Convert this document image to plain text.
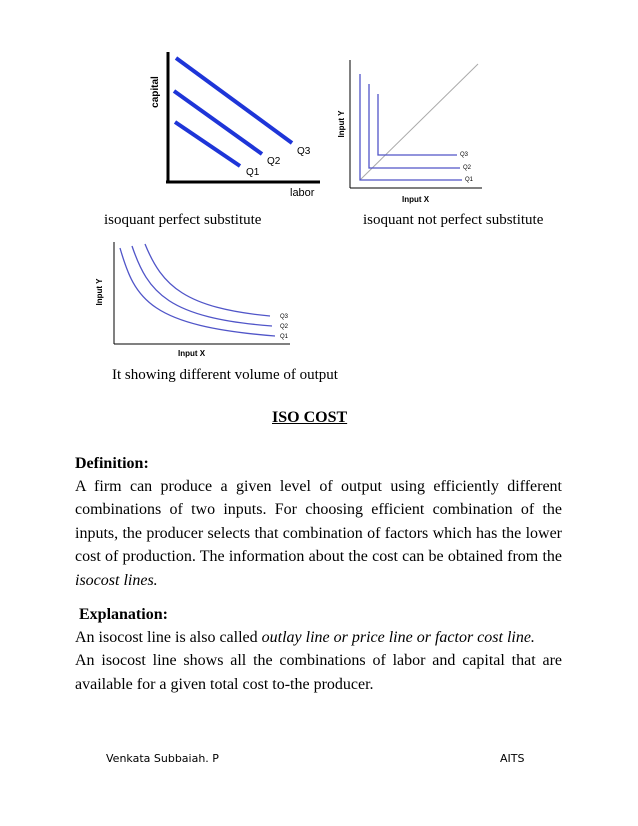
capital
labor
Q1
Q2
Q3
Input Y
Input X
Q3
Q2
Q1
isoquant perfect substitute	isoquant not perfect substitute
Input Y
Input X
Q3
Q2
Q1
It showing different volume of output
ISO COST
Definition:
A firm can produce a given level of output using efficiently different combinations of two inputs. For choosing efficient combination of the inputs, the producer selects that combination of factors which has the lower cost of production. The information about the cost can be obtained from the isocost lines.
Explanation:
An isocost line is also called outlay line or price line or factor cost line.
An isocost line shows all the combinations of labor and capital that are available for a given total cost to-the producer.
Venkata Subbaiah. P	AITS
